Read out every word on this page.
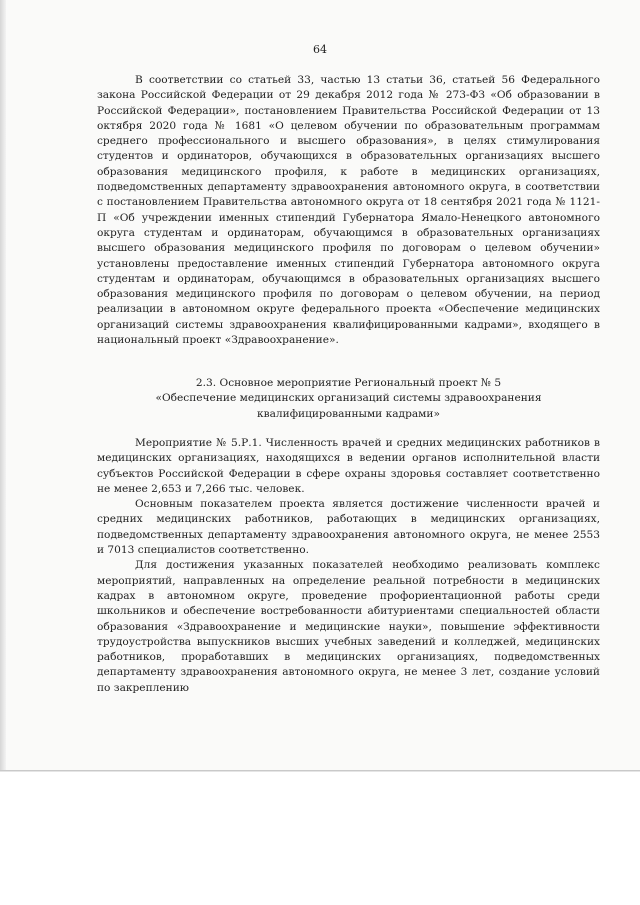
64

В соответствии со статьей 33, частью 13 статьи 36, статьей 56 Федерального закона Российской Федерации от 29 декабря 2012 года № 273-ФЗ «Об образовании в Российской Федерации», постановлением Правительства Российской Федерации от 13 октября 2020 года № 1681 «О целевом обучении по образовательным программам среднего профессионального и высшего образования», в целях стимулирования студентов и ординаторов, обучающихся в образовательных организациях высшего образования медицинского профиля, к работе в медицинских организациях, подведомственных департаменту здравоохранения автономного округа, в соответствии с постановлением Правительства автономного округа от 18 сентября 2021 года № 1121-П «Об учреждении именных стипендий Губернатора Ямало-Ненецкого автономного округа студентам и ординаторам, обучающимся в образовательных организациях высшего образования медицинского профиля по договорам о целевом обучении» установлены предоставление именных стипендий Губернатора автономного округа студентам и ординаторам, обучающимся в образовательных организациях высшего образования медицинского профиля по договорам о целевом обучении, на период реализации в автономном округе федерального проекта «Обеспечение медицинских организаций системы здравоохранения квалифицированными кадрами», входящего в национальный проект «Здравоохранение».

2.3. Основное мероприятие Региональный проект № 5
«Обеспечение медицинских организаций системы здравоохранения
квалифицированными кадрами»

Мероприятие № 5.Р.1. Численность врачей и средних медицинских работников в медицинских организациях, находящихся в ведении органов исполнительной власти субъектов Российской Федерации в сфере охраны здоровья составляет соответственно не менее 2,653 и 7,266 тыс. человек.

Основным показателем проекта является достижение численности врачей и средних медицинских работников, работающих в медицинских организациях, подведомственных департаменту здравоохранения автономного округа, не менее 2553 и 7013 специалистов соответственно.

Для достижения указанных показателей необходимо реализовать комплекс мероприятий, направленных на определение реальной потребности в медицинских кадрах в автономном округе, проведение профориентационной работы среди школьников и обеспечение востребованности абитуриентами специальностей области образования «Здравоохранение и медицинские науки», повышение эффективности трудоустройства выпускников высших учебных заведений и колледжей, медицинских работников, проработавших в медицинских организациях, подведомственных департаменту здравоохранения автономного округа, не менее 3 лет, создание условий по закреплению
